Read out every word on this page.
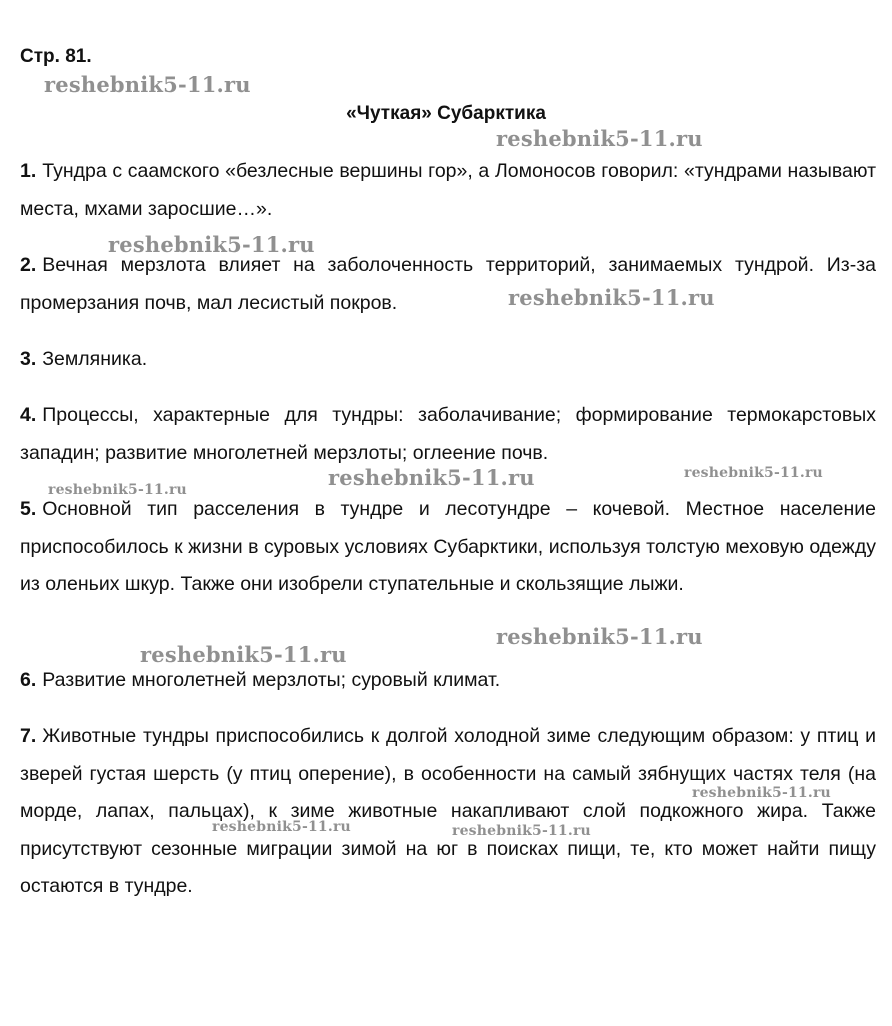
Стр. 81.
«Чуткая» Субарктика

1. Тундра с саамского «безлесные вершины гор», а Ломоносов говорил: «тундрами называют места, мхами заросшие…».

2. Вечная мерзлота влияет на заболоченность территорий, занимаемых тундрой. Из-за промерзания почв, мал лесистый покров.

3. Земляника.

4. Процессы, характерные для тундры: заболачивание; формирование термокарстовых западин; развитие многолетней мерзлоты; оглеение почв.

5. Основной тип расселения в тундре и лесотундре – кочевой. Местное население приспособилось к жизни в суровых условиях Субарктики, используя толстую меховую одежду из оленьих шкур. Также они изобрели ступательные и скользящие лыжи.

6. Развитие многолетней мерзлоты; суровый климат.

7. Животные тундры приспособились к долгой холодной зиме следующим образом: у птиц и зверей густая шерсть (у птиц оперение), в особенности на самый зябнущих частях теля (на морде, лапах, пальцах), к зиме животные накапливают слой подкожного жира. Также присутствуют сезонные миграции зимой на юг в поисках пищи, те, кто может найти пищу остаются в тундре.

reshebnik5-11.ru
reshebnik5-11.ru
reshebnik5-11.ru
reshebnik5-11.ru
reshebnik5-11.ru	reshebnik5-11.ru
reshebnik5-11.ru
reshebnik5-11.ru
reshebnik5-11.ru
reshebnik5-11.ru
reshebnik5-11.ru	reshebnik5-11.ru
